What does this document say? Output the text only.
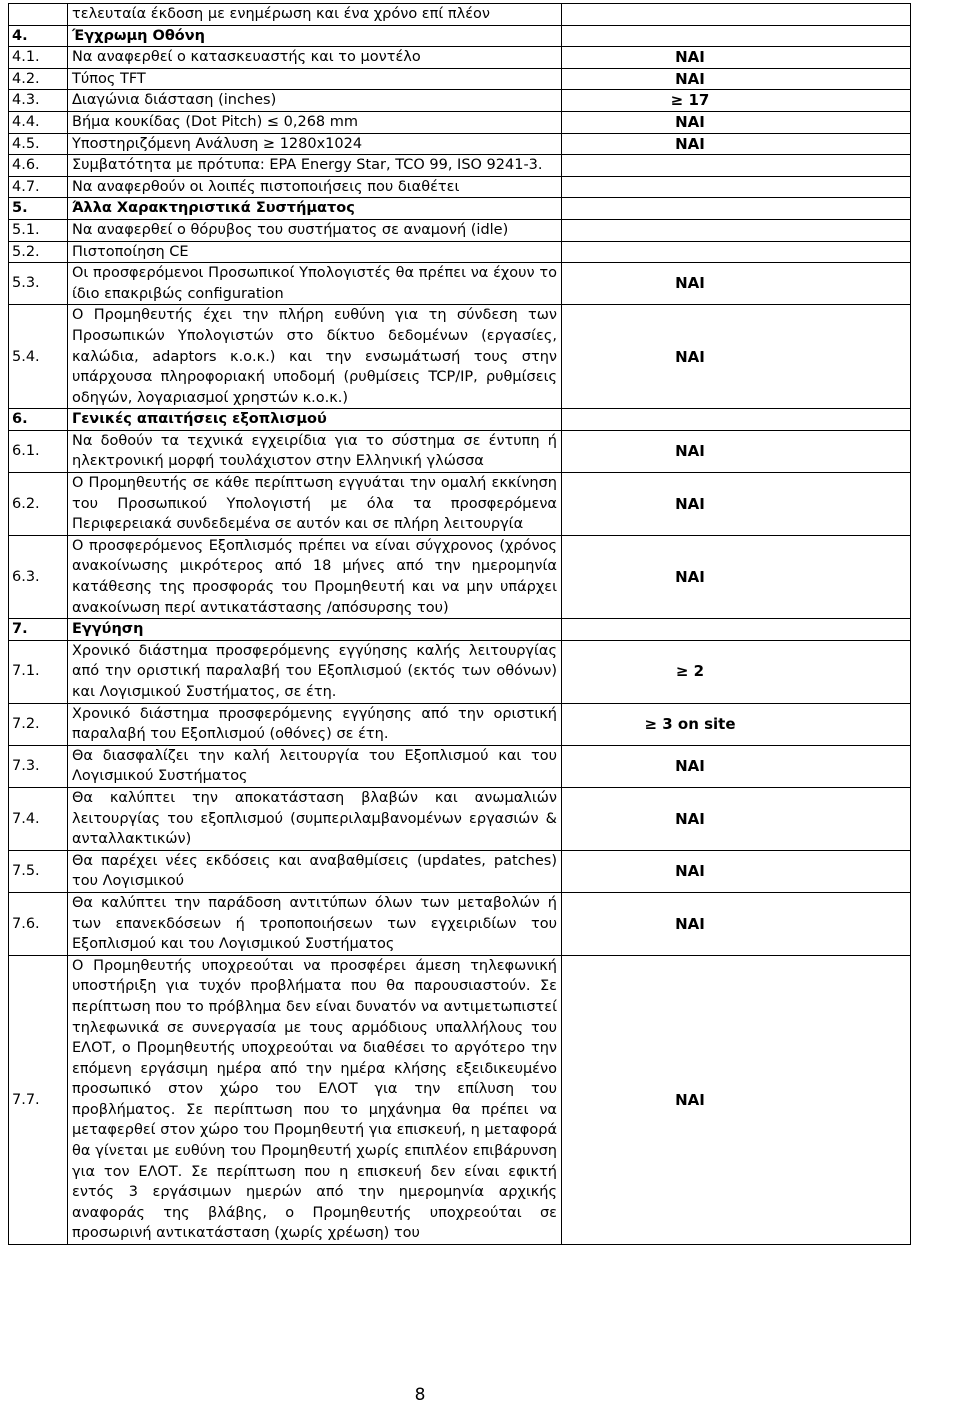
	τελευταία έκδοση με ενημέρωση και ένα χρόνο επί πλέον	
4.	Έγχρωμη Οθόνη	
4.1.	Να αναφερθεί ο κατασκευαστής και το μοντέλο	ΝΑΙ
4.2.	Τύπος TFT	ΝΑΙ
4.3.	Διαγώνια διάσταση (inches)	≥ 17
4.4.	Βήμα κουκίδας (Dot Pitch) ≤ 0,268 mm	ΝΑΙ
4.5.	Υποστηριζόμενη Ανάλυση ≥ 1280x1024	ΝΑΙ
4.6.	Συμβατότητα με πρότυπα: EPA Energy Star, TCO 99, ISO 9241-3.	
4.7.	Να αναφερθούν οι λοιπές πιστοποιήσεις που διαθέτει	
5.	Άλλα Χαρακτηριστικά Συστήματος	
5.1.	Να αναφερθεί ο θόρυβος του συστήματος σε αναμονή (idle)	
5.2.	Πιστοποίηση CE	
5.3.	Οι προσφερόμενοι Προσωπικοί Υπολογιστές θα πρέπει να έχουν το ίδιο επακριβώς configuration	ΝΑΙ
5.4.	Ο Προμηθευτής έχει την πλήρη ευθύνη για τη σύνδεση των Προσωπικών Υπολογιστών στο δίκτυο δεδομένων (εργασίες, καλώδια, adaptors κ.ο.κ.) και την ενσωμάτωσή τους στην υπάρχουσα πληροφοριακή υποδομή (ρυθμίσεις TCP/IP, ρυθμίσεις οδηγών, λογαριασμοί χρηστών κ.ο.κ.)	ΝΑΙ
6.	Γενικές απαιτήσεις εξοπλισμού	
6.1.	Να δοθούν τα τεχνικά εγχειρίδια για το σύστημα σε έντυπη ή ηλεκτρονική μορφή τουλάχιστον στην Ελληνική γλώσσα	ΝΑΙ
6.2.	Ο Προμηθευτής σε κάθε περίπτωση εγγυάται την ομαλή εκκίνηση του Προσωπικού Υπολογιστή με όλα τα προσφερόμενα Περιφερειακά συνδεδεμένα σε αυτόν και σε πλήρη λειτουργία	ΝΑΙ
6.3.	Ο προσφερόμενος Εξοπλισμός πρέπει να είναι σύγχρονος (χρόνος ανακοίνωσης μικρότερος από 18 μήνες από την ημερομηνία κατάθεσης της προσφοράς του Προμηθευτή και να μην υπάρχει ανακοίνωση περί αντικατάστασης /απόσυρσης του)	ΝΑΙ
7.	Εγγύηση	
7.1.	Χρονικό διάστημα προσφερόμενης εγγύησης καλής λειτουργίας από την οριστική παραλαβή του Εξοπλισμού (εκτός των οθόνων) και Λογισμικού Συστήματος, σε έτη.	≥ 2
7.2.	Χρονικό διάστημα προσφερόμενης εγγύησης από την οριστική παραλαβή του Εξοπλισμού (οθόνες) σε έτη.	≥ 3 on site
7.3.	Θα διασφαλίζει την καλή λειτουργία του Εξοπλισμού και του Λογισμικού Συστήματος	ΝΑΙ
7.4.	Θα καλύπτει την αποκατάσταση βλαβών και ανωμαλιών λειτουργίας του εξοπλισμού (συμπεριλαμβανομένων εργασιών & ανταλλακτικών)	ΝΑΙ
7.5.	Θα παρέχει νέες εκδόσεις και αναβαθμίσεις (updates, patches) του Λογισμικού	ΝΑΙ
7.6.	Θα καλύπτει την παράδοση αντιτύπων όλων των μεταβολών ή των επανεκδόσεων ή τροποποιήσεων των εγχειριδίων του Εξοπλισμού και του Λογισμικού Συστήματος	ΝΑΙ
7.7.	Ο Προμηθευτής υποχρεούται να προσφέρει άμεση τηλεφωνική υποστήριξη για τυχόν προβλήματα που θα παρουσιαστούν. Σε περίπτωση που το πρόβλημα δεν είναι δυνατόν να αντιμετωπιστεί τηλεφωνικά σε συνεργασία με τους αρμόδιους υπαλλήλους του ΕΛΟΤ, ο Προμηθευτής υποχρεούται να διαθέσει το αργότερο την επόμενη εργάσιμη ημέρα από την ημέρα κλήσης εξειδικευμένο προσωπικό στον χώρο του ΕΛΟΤ για την επίλυση του προβλήματος. Σε περίπτωση που το μηχάνημα θα πρέπει να μεταφερθεί στον χώρο του Προμηθευτή για επισκευή, η μεταφορά θα γίνεται με ευθύνη του Προμηθευτή χωρίς επιπλέον επιβάρυνση για τον ΕΛΟΤ. Σε περίπτωση που η επισκευή δεν είναι εφικτή εντός 3 εργάσιμων ημερών από την ημερομηνία αρχικής αναφοράς της βλάβης, ο Προμηθευτής υποχρεούται σε προσωρινή αντικατάσταση (χωρίς χρέωση) του	ΝΑΙ
8
